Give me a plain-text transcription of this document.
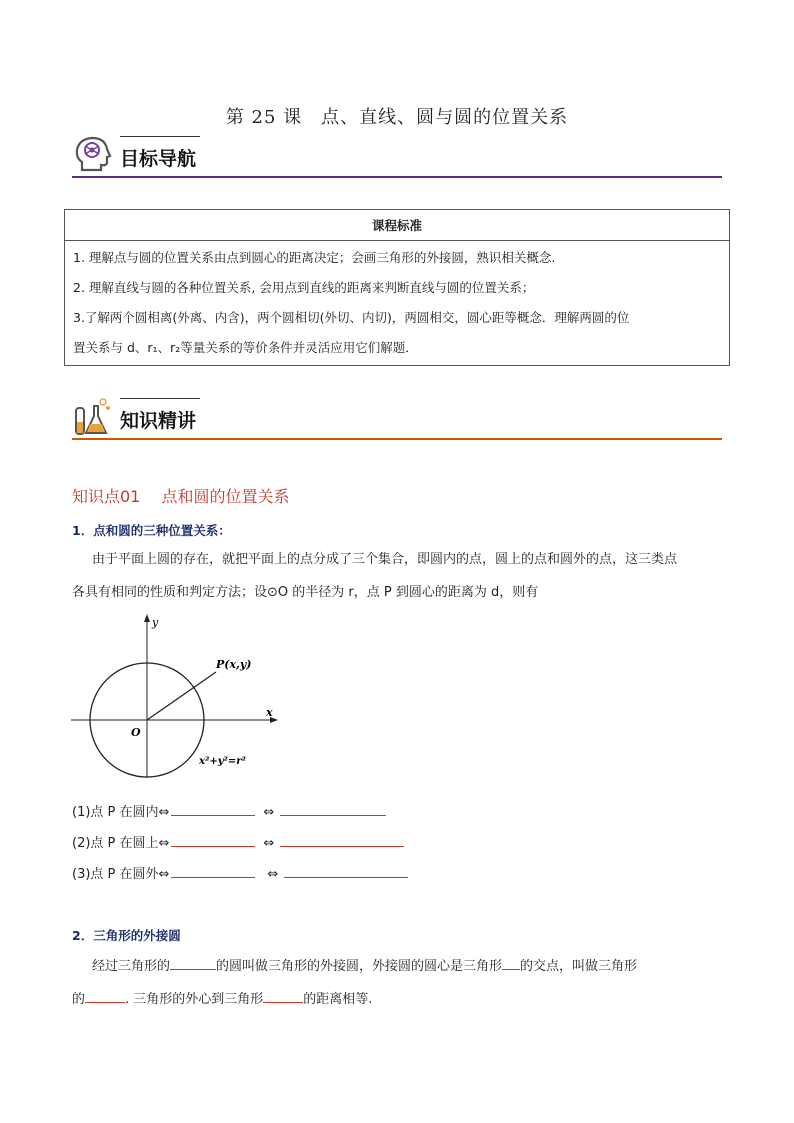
第 25 课　点、直线、圆与圆的位置关系
目标导航
课程标准

1. 理解点与圆的位置关系由点到圆心的距离决定；会画三角形的外接圆，熟识相关概念.
2. 理解直线与圆的各种位置关系, 会用点到直线的距离来判断直线与圆的位置关系；
3.了解两个圆相离(外离、内含)，两个圆相切(外切、内切)，两圆相交，圆心距等概念．理解两圆的位
置关系与 d、r₁、r₂等量关系的等价条件并灵活应用它们解题．
知识精讲
知识点01　 点和圆的位置关系
1．点和圆的三种位置关系：
由于平面上圆的存在，就把平面上的点分成了三个集合，即圆内的点，圆上的点和圆外的点，这三类点
各具有相同的性质和判定方法；设⊙O 的半径为 r，点 P 到圆心的距离为 d，则有
y
x
O
P(x,y)
x²+y²=r²
(1)点 P 在圆内⇔	⇔
(2)点 P 在圆上⇔	⇔
(3)点 P 在圆外⇔	⇔
2．三角形的外接圆
经过三角形的	的圆叫做三角形的外接圆，外接圆的圆心是三角形 的交点，叫做三角形
的	. 三角形的外心到三角形	的距离相等.
